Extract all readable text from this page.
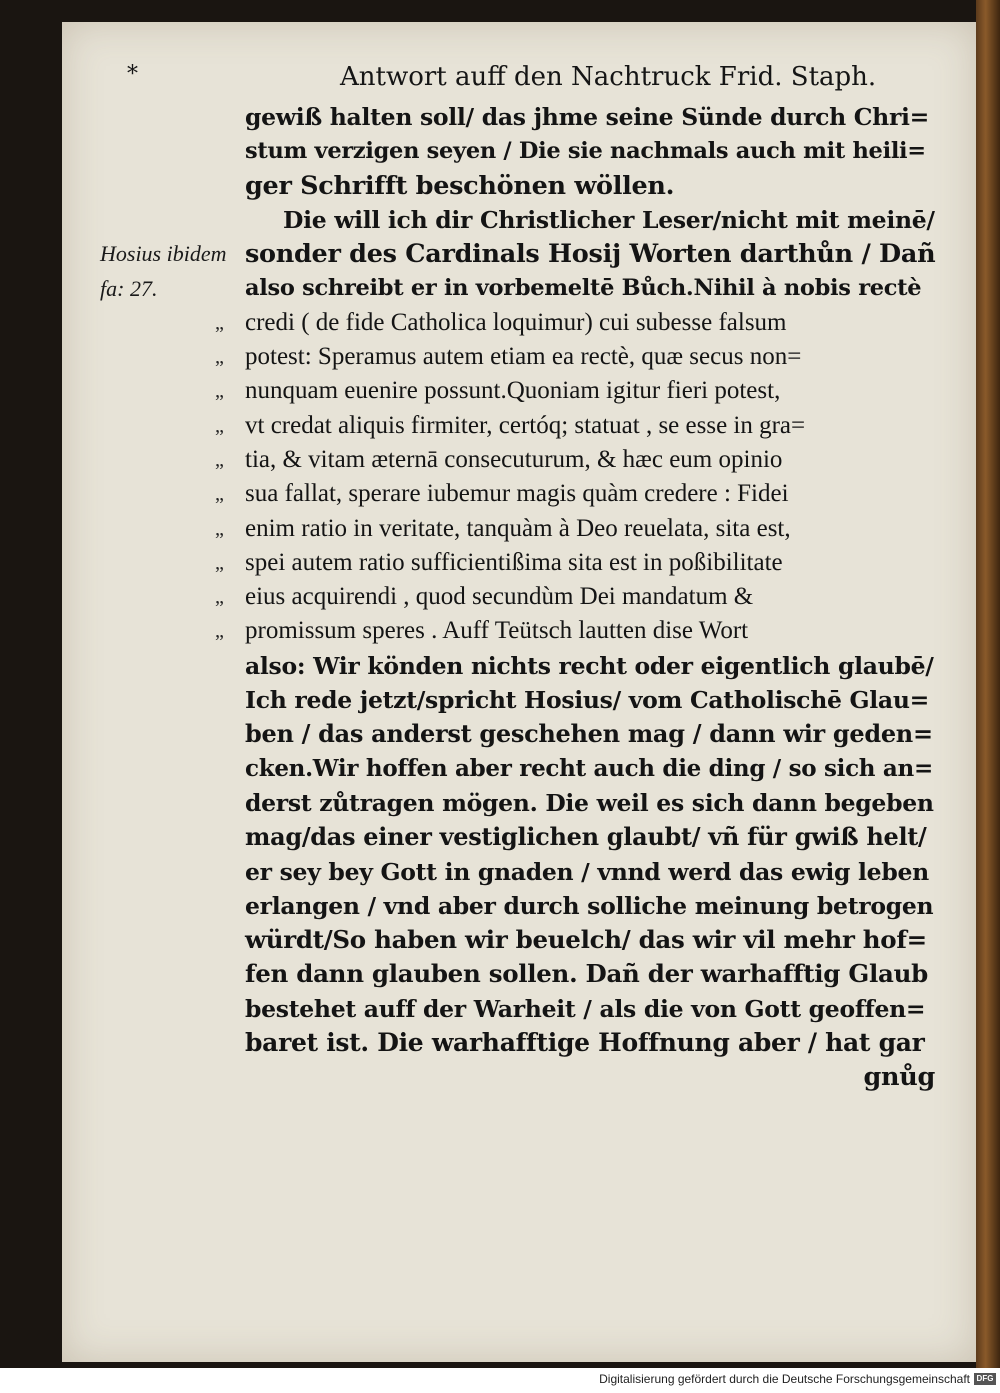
*	Antwort auff den Nachtruck Frid. Staph.
Hosius ibidem
fa: 27.
gewiß halten soll/ das jhme seine Sünde durch Chri=
stum verzigen seyen / Die sie nachmals auch mit heili=
ger Schrifft beschönen wöllen.
Die will ich dir Christlicher Leser/nicht mit meinē/
sonder des Cardinals Hosij Worten darthůn / Dañ
also schreibt er in vorbemeltē Bůch.Nihil à nobis rectè
„ credi ( de fide Catholica loquimur) cui subesse falsum
„ potest: Speramus autem etiam ea rectè, quæ secus non=
„ nunquam euenire possunt.Quoniam igitur fieri potest,
„ vt credat aliquis firmiter, certóq; statuat , se esse in gra=
„ tia, & vitam æternā consecuturum, & hæc eum opinio
„ sua fallat, sperare iubemur magis quàm credere : Fidei
„ enim ratio in veritate, tanquàm à Deo reuelata, sita est,
„ spei autem ratio sufficientißima sita est in poßibilitate
„ eius acquirendi , quod secundùm Dei mandatum &
„ promissum speres . Auff Teütsch lautten dise Wort
also: Wir könden nichts recht oder eigentlich glaubē/
Ich rede jetzt/spricht Hosius/ vom Catholischē Glau=
ben / das anderst geschehen mag / dann wir geden=
cken.Wir hoffen aber recht auch die ding / so sich an=
derst zůtragen mögen. Die weil es sich dann begeben
mag/das einer vestiglichen glaubt/ vñ für gwiß helt/
er sey bey Gott in gnaden / vnnd werd das ewig leben
erlangen / vnd aber durch solliche meinung betrogen
würdt/So haben wir beuelch/ das wir vil mehr hof=
fen dann glauben sollen. Dañ der warhafftig Glaub
bestehet auff der Warheit / als die von Gott geoffen=
baret ist. Die warhafftige Hoffnung aber / hat gar
gnůg
Digitalisierung gefördert durch die Deutsche Forschungsgemeinschaft DFG
